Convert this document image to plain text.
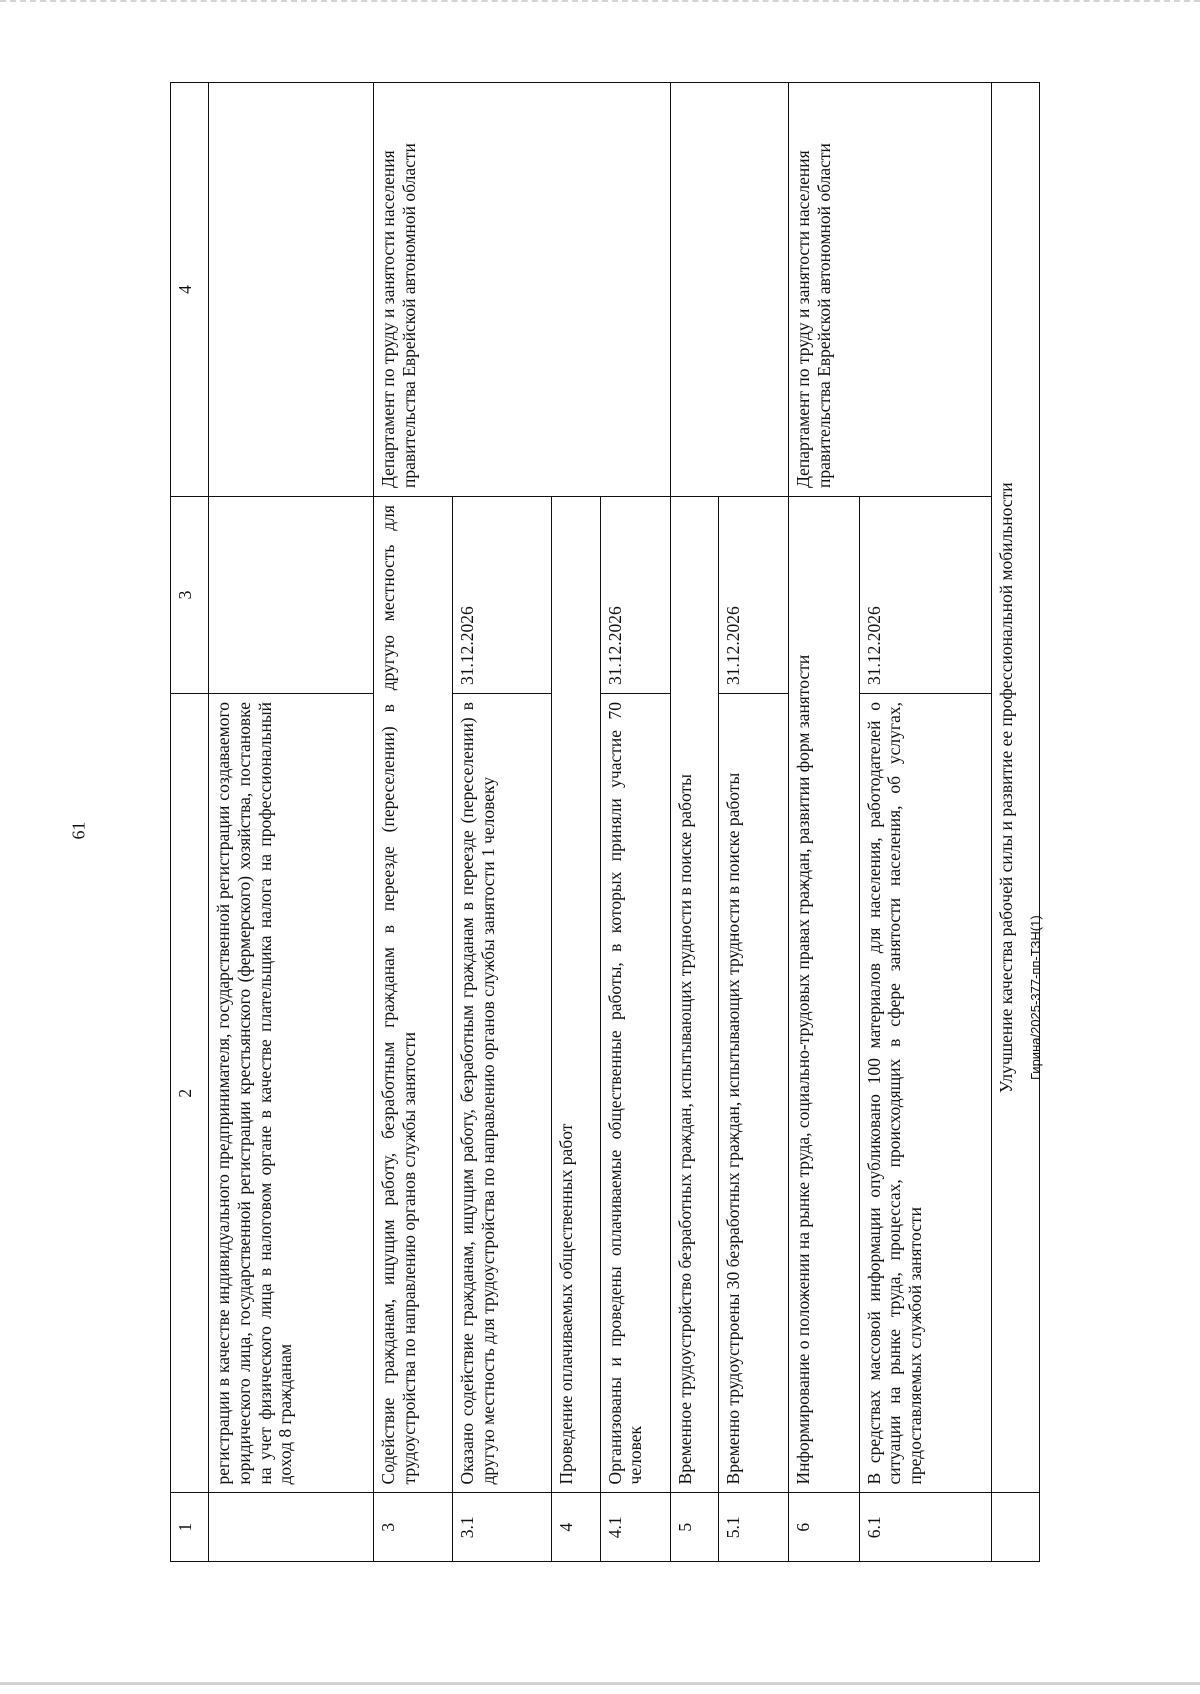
61
1	2	3	4
	регистрации в качестве индивидуального предпринимателя, государственной регистрации создаваемого юридического лица, государственной регистрации крестьянского (фермерского) хозяйства, постановке на учет физического лица в налоговом органе в качестве плательщика налога на профессиональный доход 8 гражданам		
3	Содействие гражданам, ищущим работу, безработным гражданам в переезде (переселении) в другую местность для трудоустройства по направлению органов службы занятости		Департамент по труду и занятости населения правительства Еврейской автономной области
3.1	Оказано содействие гражданам, ищущим работу, безработным гражданам в переезде (переселении) в другую местность для трудоустройства по направлению органов службы занятости 1 человеку	31.12.2026	
4	Проведение оплачиваемых общественных работ		
4.1	Организованы и проведены оплачиваемые общественные работы, в которых приняли участие 70 человек	31.12.2026	
5	Временное трудоустройство безработных граждан, испытывающих трудности в поиске работы		
5.1	Временно трудоустроены 30 безработных граждан, испытывающих трудности в поиске работы	31.12.2026	
6	Информирование о положении на рынке труда, социально-трудовых правах граждан, развитии форм занятости		Департамент по труду и занятости населения правительства Еврейской автономной области
6.1	В средствах массовой информации опубликовано 100 материалов для населения, работодателей о ситуации на рынке труда, процессах, происходящих в сфере занятости населения, об услугах, предоставляемых службой занятости	31.12.2026	
	Улучшение качества рабочей силы и развитие ее профессиональной мобильности		Гирина/2025-377-пп-ТЗН(1)
